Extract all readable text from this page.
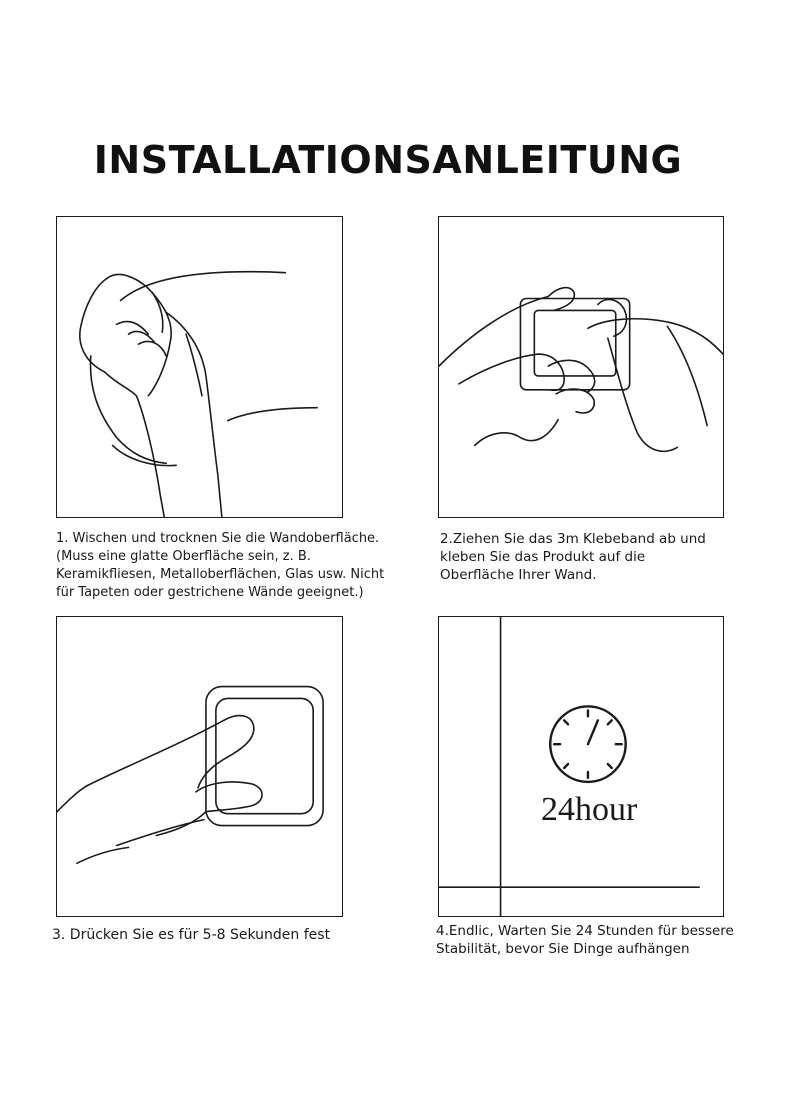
INSTALLATIONSANLEITUNG
1. Wischen und trocknen Sie die Wandoberfläche.
(Muss eine glatte Oberfläche sein, z. B.
Keramikfliesen, Metalloberflächen, Glas usw. Nicht
für Tapeten oder gestrichene Wände geeignet.)
2.Ziehen Sie das 3m Klebeband ab und
kleben Sie das Produkt auf die
Oberfläche Ihrer Wand.
24hour
3. Drücken Sie es für 5-8 Sekunden fest	4.Endlic, Warten Sie 24 Stunden für bessere
Stabilität, bevor Sie Dinge aufhängen
